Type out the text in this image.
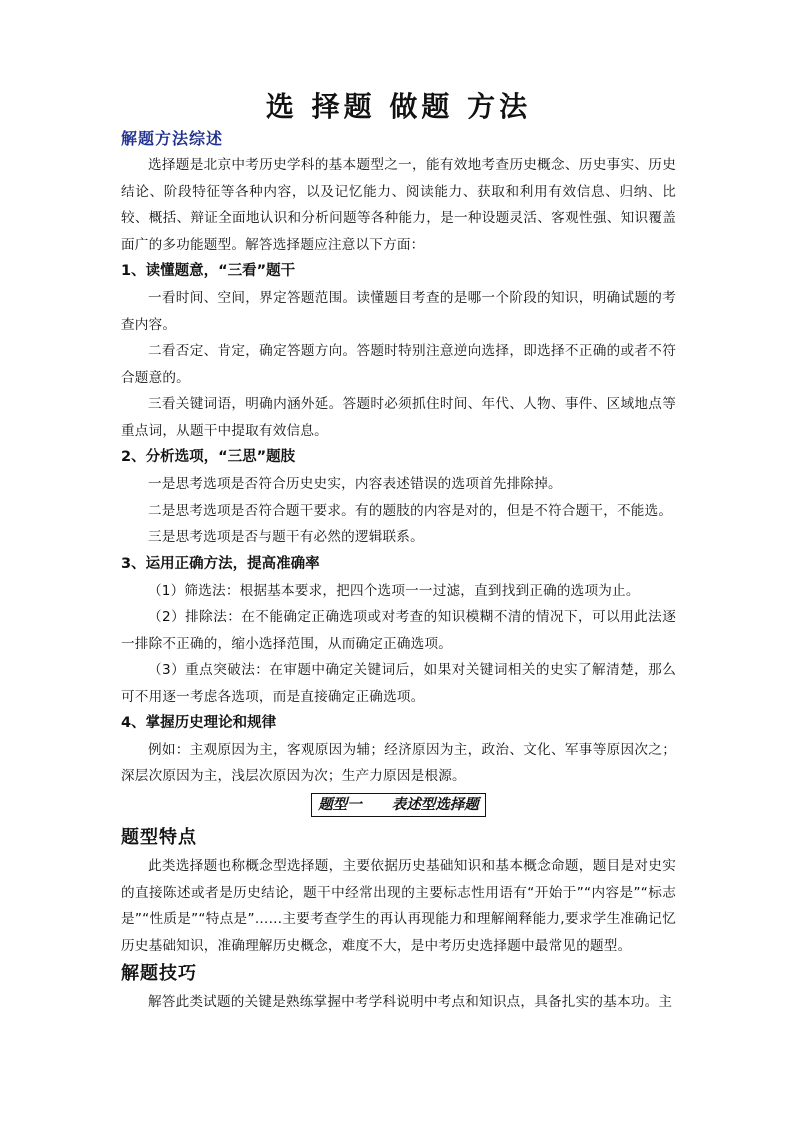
选 择题 做题 方法
解题方法综述

选择题是北京中考历史学科的基本题型之一，能有效地考查历史概念、历史事实、历史结论、阶段特征等各种内容，以及记忆能力、阅读能力、获取和利用有效信息、归纳、比较、概括、辩证全面地认识和分析问题等各种能力，是一种设题灵活、客观性强、知识覆盖面广的多功能题型。解答选择题应注意以下方面：

1、读懂题意，“三看”题干

一看时间、空间，界定答题范围。读懂题目考查的是哪一个阶段的知识，明确试题的考查内容。

二看否定、肯定，确定答题方向。答题时特别注意逆向选择，即选择不正确的或者不符合题意的。

三看关键词语，明确内涵外延。答题时必须抓住时间、年代、人物、事件、区域地点等重点词，从题干中提取有效信息。

2、分析选项，“三思”题肢

一是思考选项是否符合历史史实，内容表述错误的选项首先排除掉。

二是思考选项是否符合题干要求。有的题肢的内容是对的，但是不符合题干，不能选。

三是思考选项是否与题干有必然的逻辑联系。

3、运用正确方法，提高准确率

（1）筛选法：根据基本要求，把四个选项一一过滤，直到找到正确的选项为止。

（2）排除法：在不能确定正确选项或对考查的知识模糊不清的情况下，可以用此法逐一排除不正确的，缩小选择范围，从而确定正确选项。

（3）重点突破法：在审题中确定关键词后，如果对关键词相关的史实了解清楚，那么可不用逐一考虑各选项，而是直接确定正确选项。

4、掌握历史理论和规律

例如：主观原因为主，客观原因为辅；经济原因为主，政治、文化、军事等原因次之；深层次原因为主，浅层次原因为次；生产力原因是根源。

题型一 表述型选择题
题型特点

此类选择题也称概念型选择题，主要依据历史基础知识和基本概念命题，题目是对史实的直接陈述或者是历史结论，题干中经常出现的主要标志性用语有“开始于”“内容是”“标志是”“性质是”“特点是”……主要考查学生的再认再现能力和理解阐释能力,要求学生准确记忆历史基础知识，准确理解历史概念，难度不大，是中考历史选择题中最常见的题型。

解题技巧

解答此类试题的关键是熟练掌握中考学科说明中考点和知识点，具备扎实的基本功。主
